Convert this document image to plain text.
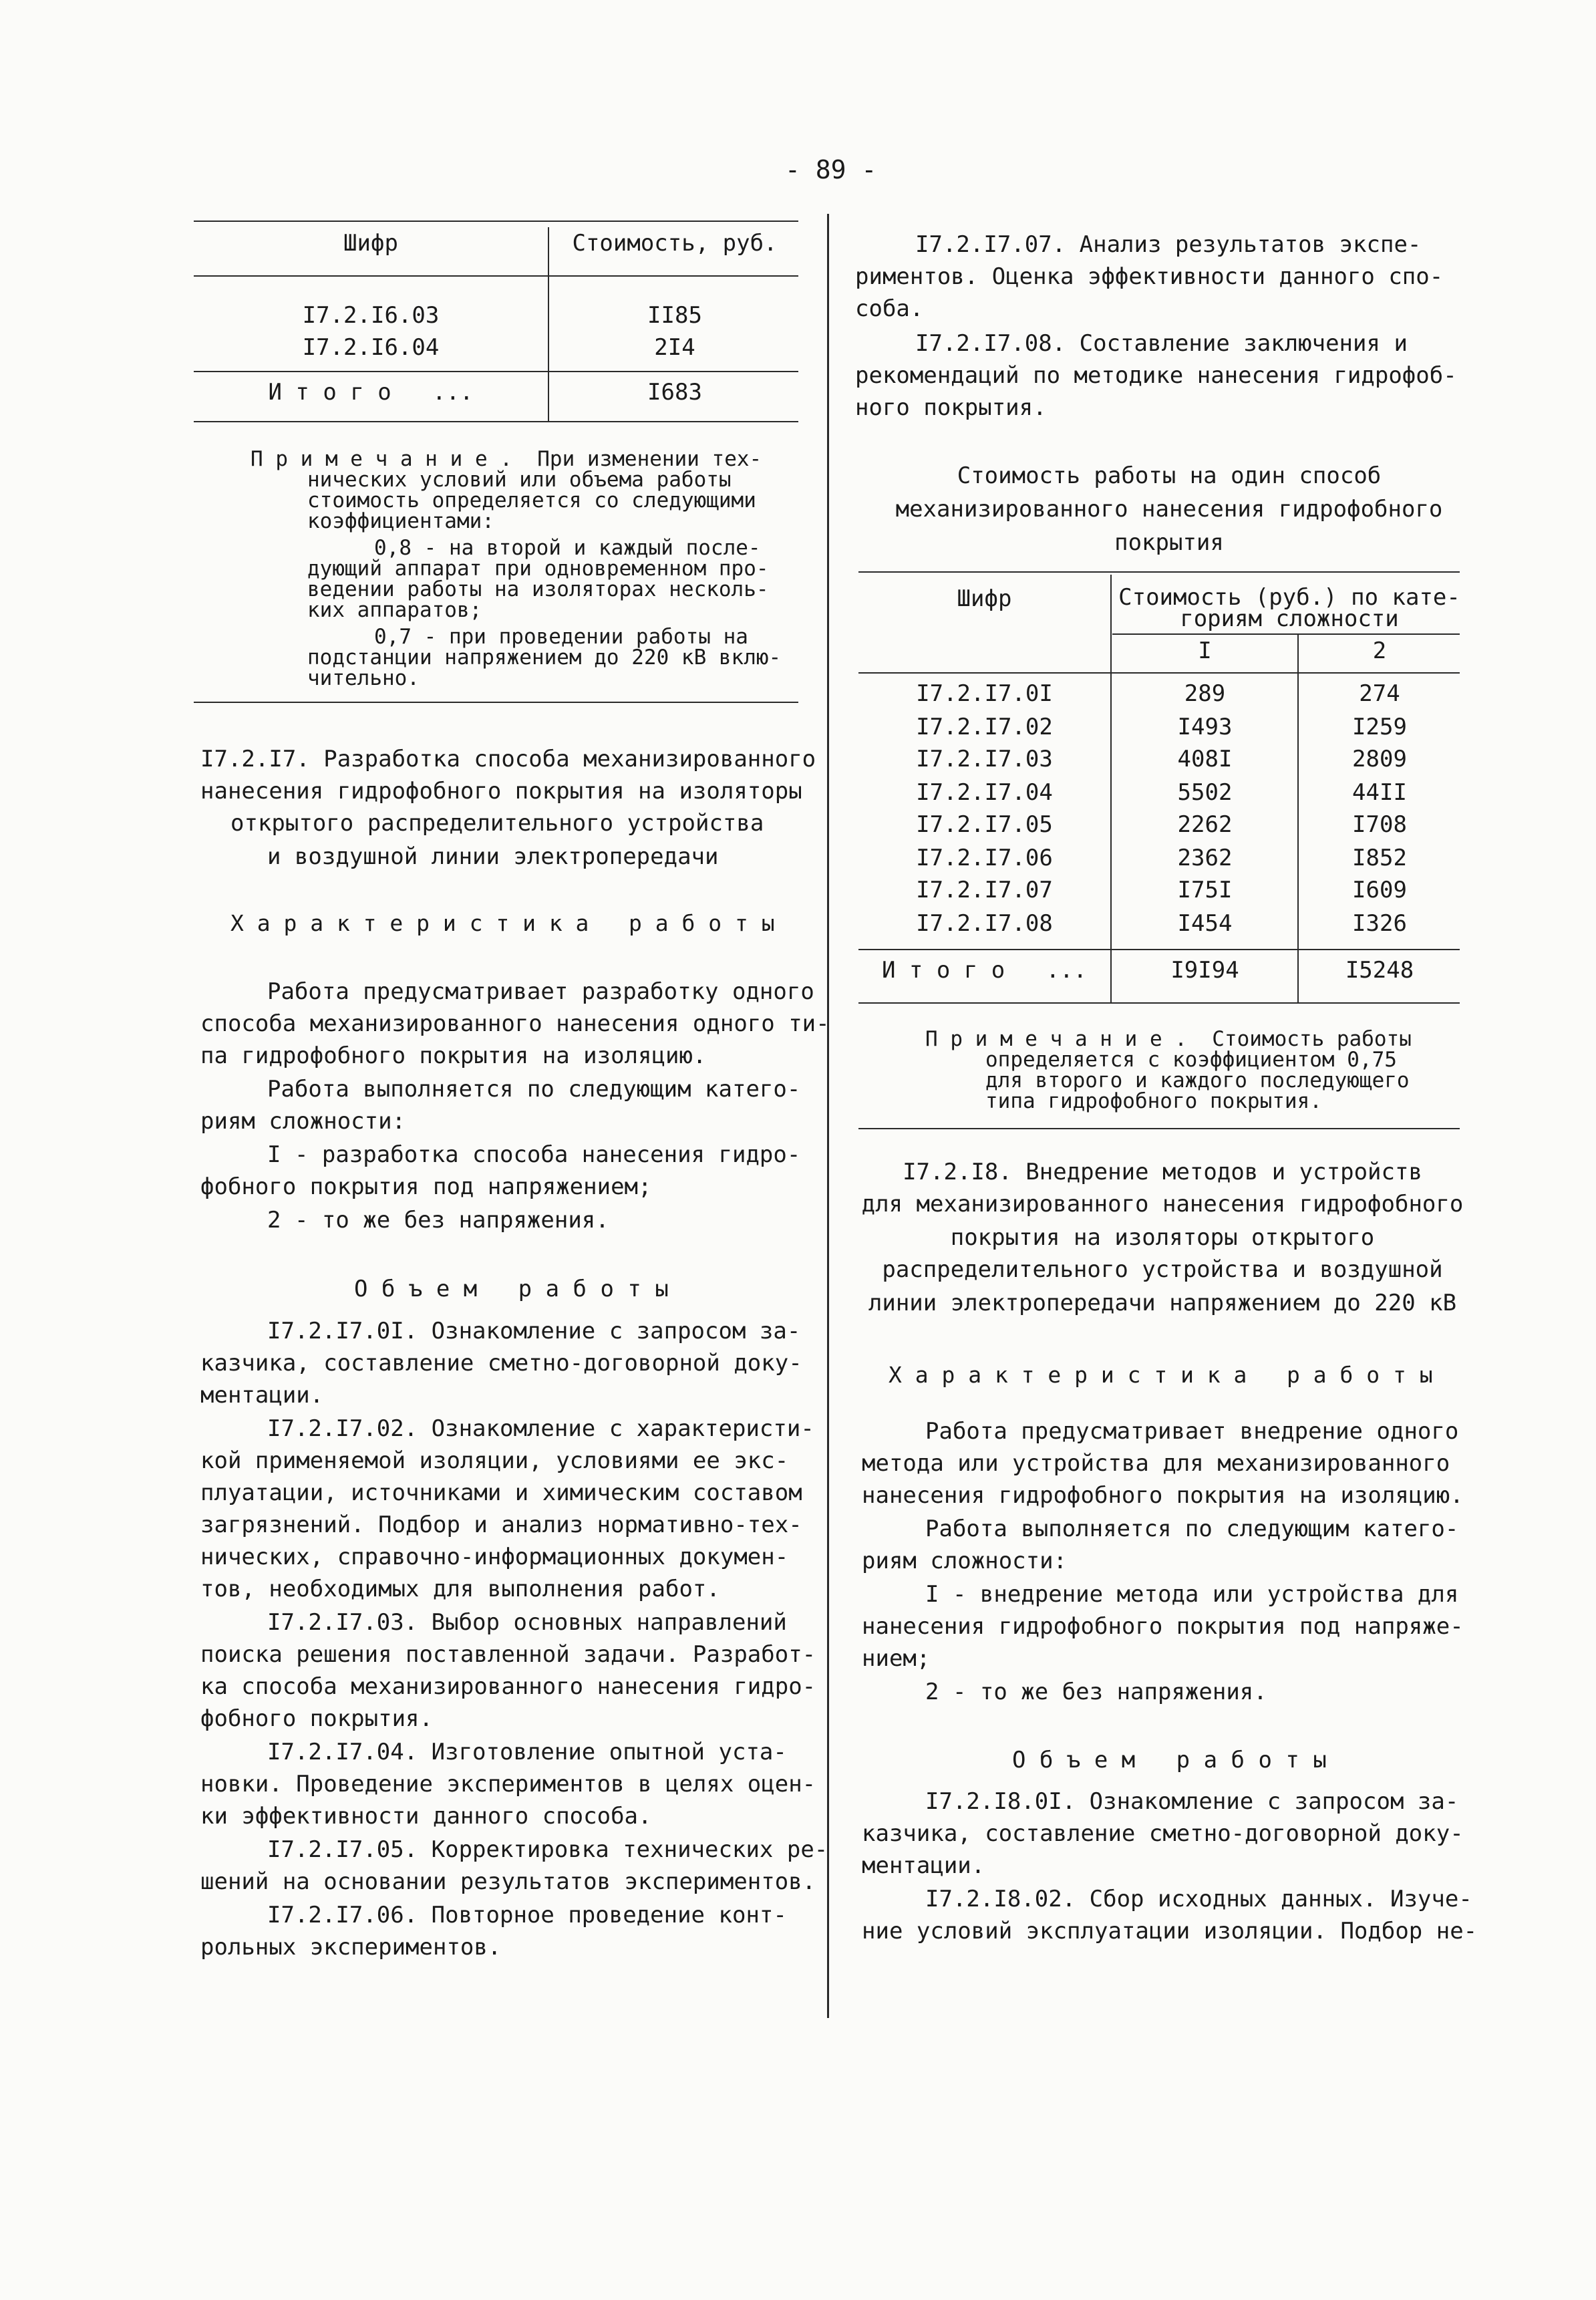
- 89 -
Шифр	Стоимость, руб.
I7.2.I6.03	II85
I7.2.I6.04	2I4
И т о г о   ...	I683
П р и м е ч а н и е .  При изменении тех-
нических условий или объема работы
стоимость определяется со следующими
коэффициентами:
0,8 - на второй и каждый после-
дующий аппарат при одновременном про-
ведении работы на изоляторах несколь-
ких аппаратов;
0,7 - при проведении работы на
подстанции напряжением до 220 кВ вклю-
чительно.
I7.2.I7. Разработка способа механизированного
нанесения гидрофобного покрытия на изоляторы
открытого распределительного устройства
и воздушной линии электропередачи
Х а р а к т е р и с т и к а   р а б о т ы
Работа предусматривает разработку одного
способа механизированного нанесения одного ти-
па гидрофобного покрытия на изоляцию.
Работа выполняется по следующим катего-
риям сложности:
I - разработка способа нанесения гидро-
фобного покрытия под напряжением;
2 - то же без напряжения.
О б ъ е м   р а б о т ы
I7.2.I7.0I. Ознакомление с запросом за-
казчика, составление сметно-договорной доку-
ментации.
I7.2.I7.02. Ознакомление с характеристи-
кой применяемой изоляции, условиями ее экс-
плуатации, источниками и химическим составом
загрязнений. Подбор и анализ нормативно-тех-
нических, справочно-информационных докумен-
тов, необходимых для выполнения работ.
I7.2.I7.03. Выбор основных направлений
поиска решения поставленной задачи. Разработ-
ка способа механизированного нанесения гидро-
фобного покрытия.
I7.2.I7.04. Изготовление опытной уста-
новки. Проведение экспериментов в целях оцен-
ки эффективности данного способа.
I7.2.I7.05. Корректировка технических ре-
шений на основании результатов экспериментов.
I7.2.I7.06. Повторное проведение конт-
рольных экспериментов.
I7.2.I7.07. Анализ результатов экспе-
риментов. Оценка эффективности данного спо-
соба.
I7.2.I7.08. Составление заключения и
рекомендаций по методике нанесения гидрофоб-
ного покрытия.
Стоимость работы на один способ
механизированного нанесения гидрофобного
покрытия
Шифр	Стоимость (руб.) по кате-
гориям сложности
I	2
I7.2.I7.0I	289	274
I7.2.I7.02	I493	I259
I7.2.I7.03	408I	2809
I7.2.I7.04	5502	44II
I7.2.I7.05	2262	I708
I7.2.I7.06	2362	I852
I7.2.I7.07	I75I	I609
I7.2.I7.08	I454	I326
И т о г о   ...	I9I94	I5248
П р и м е ч а н и е .  Стоимость работы
определяется с коэффициентом 0,75
для второго и каждого последующего
типа гидрофобного покрытия.
I7.2.I8. Внедрение методов и устройств
для механизированного нанесения гидрофобного
покрытия на изоляторы открытого
распределительного устройства и воздушной
линии электропередачи напряжением до 220 кВ
Х а р а к т е р и с т и к а   р а б о т ы
Работа предусматривает внедрение одного
метода или устройства для механизированного
нанесения гидрофобного покрытия на изоляцию.
Работа выполняется по следующим катего-
риям сложности:
I - внедрение метода или устройства для
нанесения гидрофобного покрытия под напряже-
нием;
2 - то же без напряжения.
О б ъ е м   р а б о т ы
I7.2.I8.0I. Ознакомление с запросом за-
казчика, составление сметно-договорной доку-
ментации.
I7.2.I8.02. Сбор исходных данных. Изуче-
ние условий эксплуатации изоляции. Подбор не-
